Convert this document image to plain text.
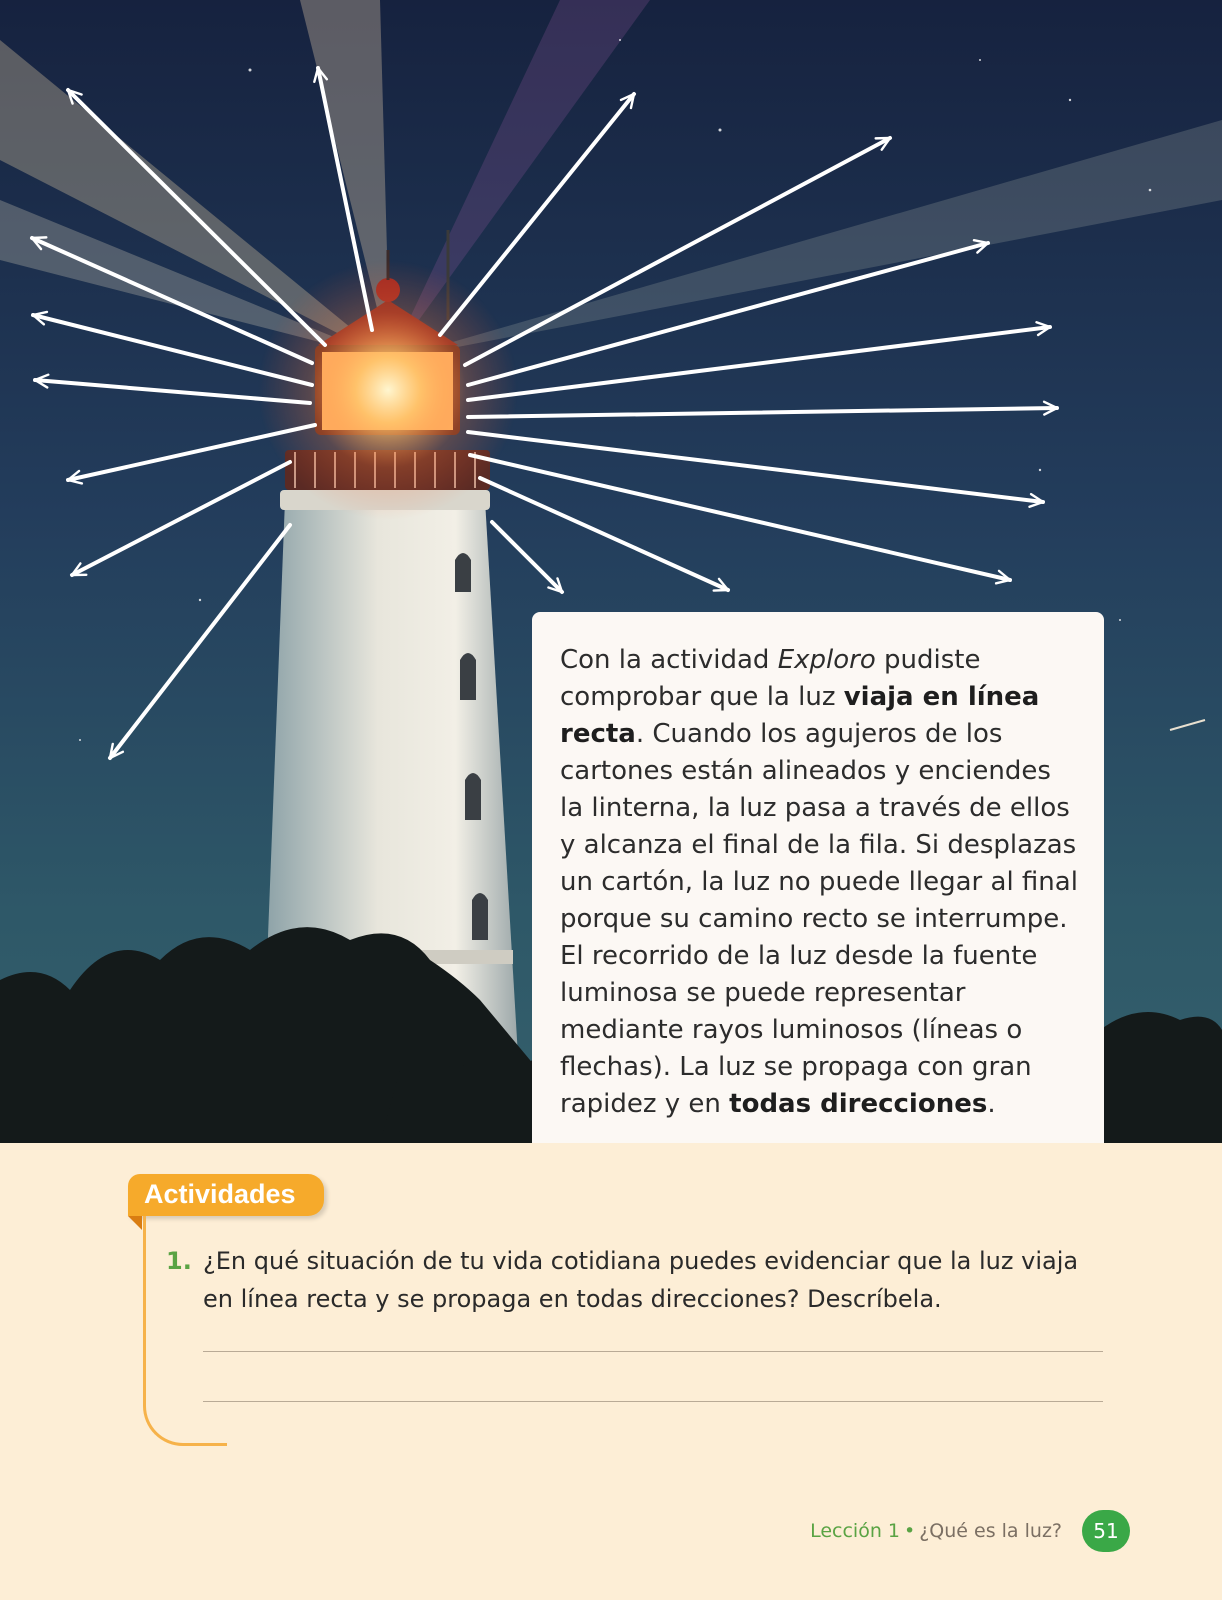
Con la actividad Exploro pudiste comprobar que la luz viaja en línea recta. Cuando los agujeros de los cartones están alineados y enciendes la linterna, la luz pasa a través de ellos y alcanza el final de la fila. Si desplazas un cartón, la luz no puede llegar al final porque su camino recto se interrumpe. El recorrido de la luz desde la fuente luminosa se puede representar mediante rayos luminosos (líneas o flechas). La luz se propaga con gran rapidez y en todas direcciones.

Actividades
1. ¿En qué situación de tu vida cotidiana puedes evidenciar que la luz viaja en línea recta y se propaga en todas direcciones? Descríbela.
Lección 1 • ¿Qué es la luz?	51
